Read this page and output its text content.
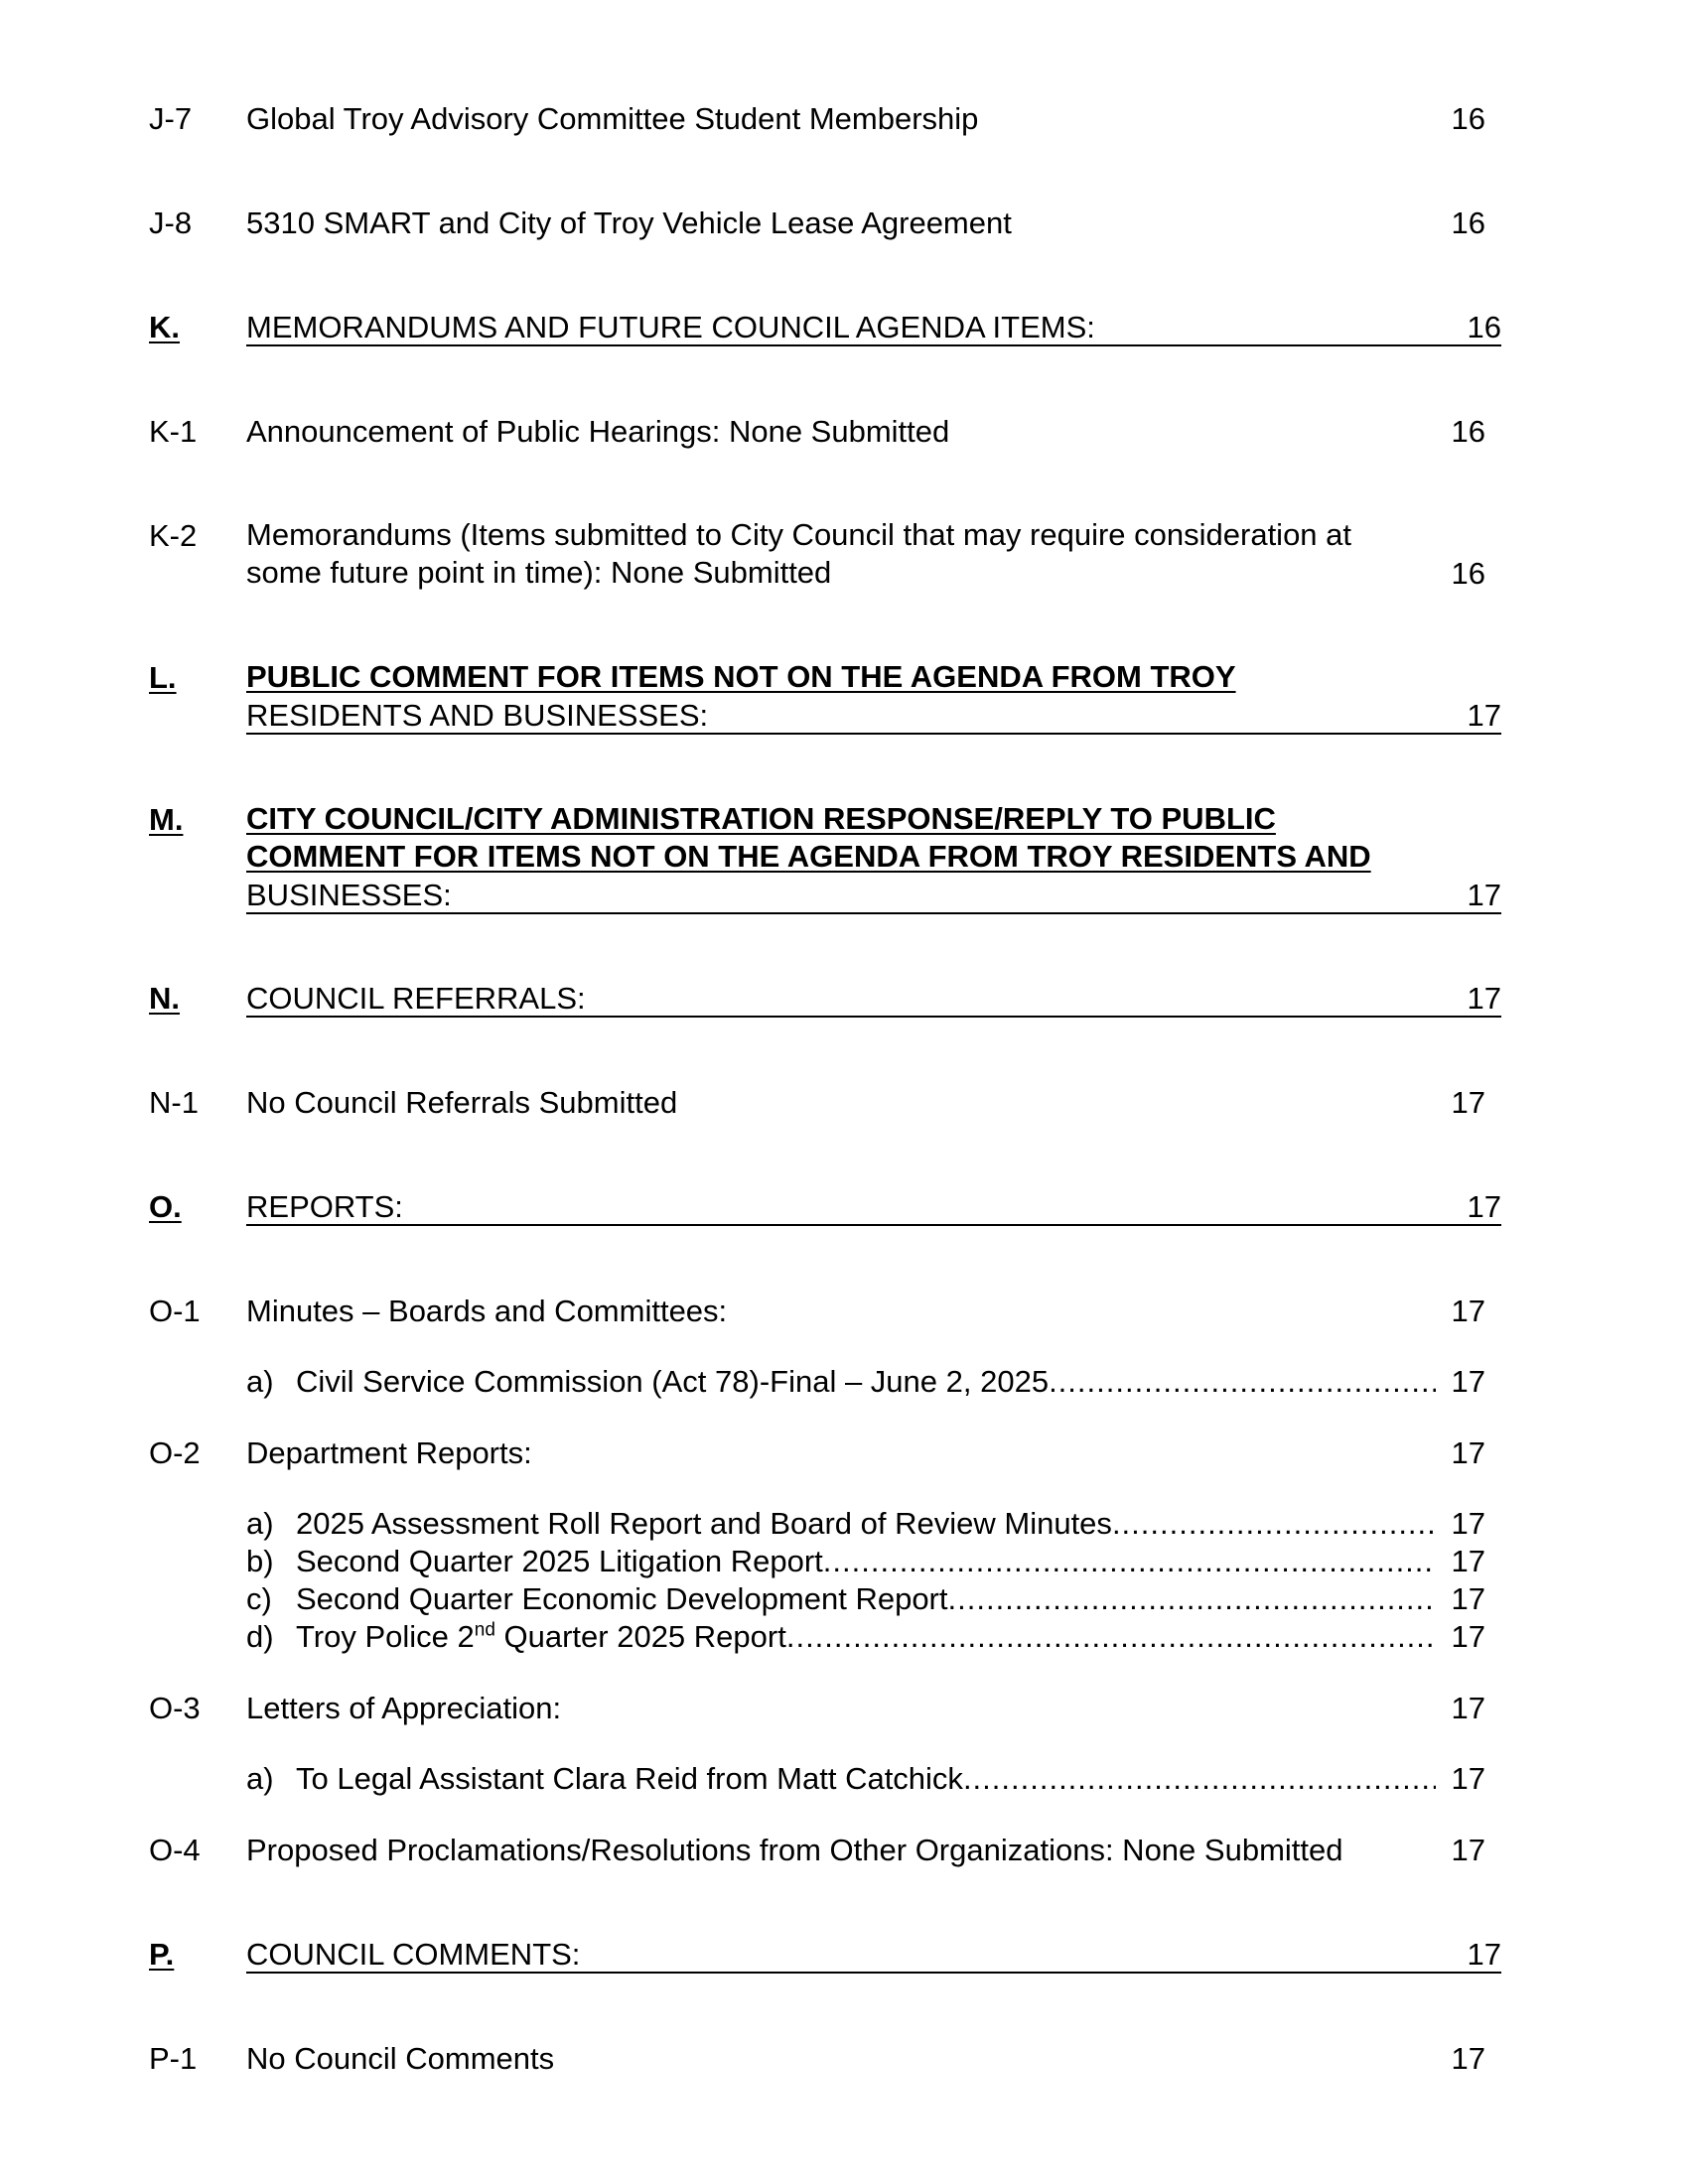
J-7 Global Troy Advisory Committee Student Membership	16
J-8 5310 SMART and City of Troy Vehicle Lease Agreement	16
K. MEMORANDUMS AND FUTURE COUNCIL AGENDA ITEMS:	16
K-1 Announcement of Public Hearings: None Submitted	16
K-2 Memorandums (Items submitted to City Council that may require consideration at
some future point in time): None Submitted	16
L. PUBLIC COMMENT FOR ITEMS NOT ON THE AGENDA FROM TROY
RESIDENTS AND BUSINESSES:	17
M. CITY COUNCIL/CITY ADMINISTRATION RESPONSE/REPLY TO PUBLIC
COMMENT FOR ITEMS NOT ON THE AGENDA FROM TROY RESIDENTS AND
BUSINESSES:	17
N. COUNCIL REFERRALS:	17
N-1 No Council Referrals Submitted	17
O. REPORTS:	17
O-1 Minutes – Boards and Committees:	17
a) Civil Service Commission (Act 78)-Final – June 2, 2025 .....	17
O-2 Department Reports:	17
a) 2025 Assessment Roll Report and Board of Review Minutes .....	17
b) Second Quarter 2025 Litigation Report .....	17
c) Second Quarter Economic Development Report .....	17
d) Troy Police 2nd Quarter 2025 Report .....	17
O-3 Letters of Appreciation:	17
a) To Legal Assistant Clara Reid from Matt Catchick .....	17
O-4 Proposed Proclamations/Resolutions from Other Organizations: None Submitted	17
P. COUNCIL COMMENTS:	17
P-1 No Council Comments	17
